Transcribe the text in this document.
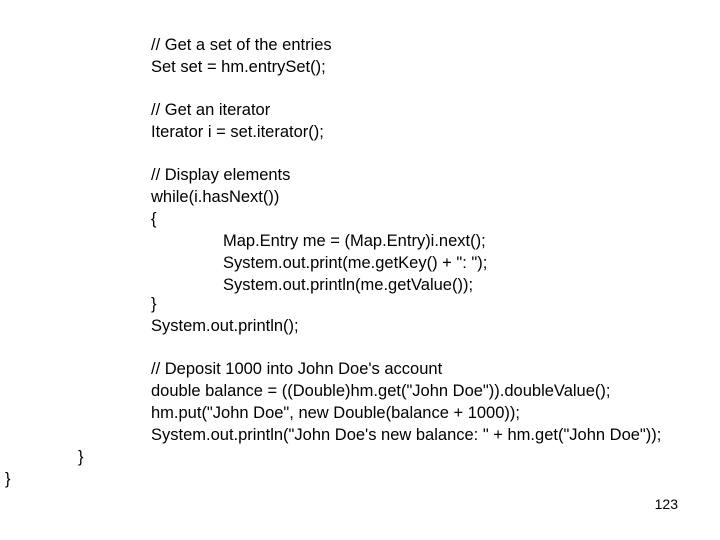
// Get a set of the entries
Set set = hm.entrySet();
// Get an iterator
Iterator i = set.iterator();
// Display elements
while(i.hasNext())
{
Map.Entry me = (Map.Entry)i.next();
System.out.print(me.getKey() + ": ");
System.out.println(me.getValue());
}
System.out.println();
// Deposit 1000 into John Doe's account
double balance = ((Double)hm.get("John Doe")).doubleValue();
hm.put("John Doe", new Double(balance + 1000));
System.out.println("John Doe's new balance: " + hm.get("John Doe"));
}
}
123
